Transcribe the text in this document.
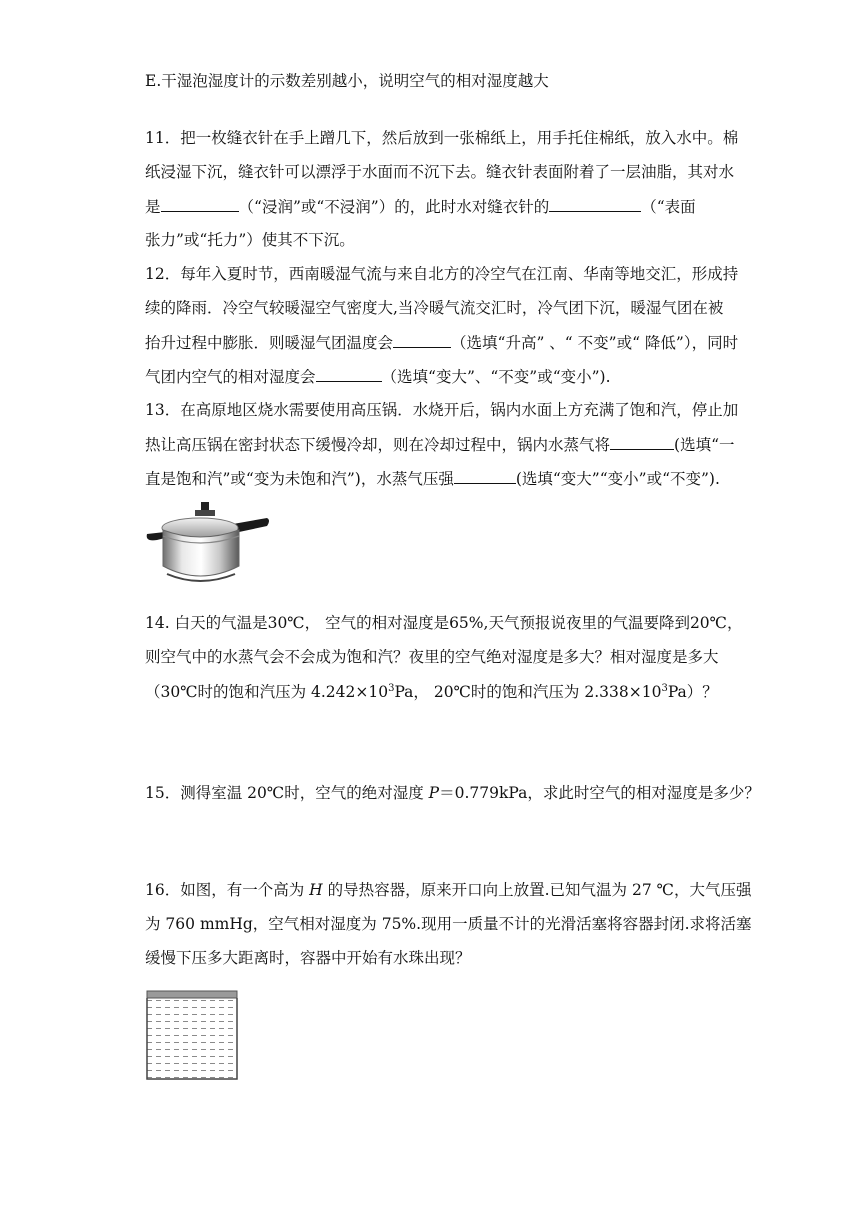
E.干湿泡湿度计的示数差别越小，说明空气的相对湿度越大
11．把一枚缝衣针在手上蹭几下，然后放到一张棉纸上，用手托住棉纸，放入水中。棉
纸浸湿下沉，缝衣针可以漂浮于水面而不沉下去。缝衣针表面附着了一层油脂，其对水
是	（“浸润”或“不浸润”）的，此时水对缝衣针的	（“表面
张力”或“托力”）使其不下沉。
12．每年入夏时节，西南暖湿气流与来自北方的冷空气在江南、华南等地交汇，形成持
续的降雨．冷空气较暖湿空气密度大,当冷暖气流交汇时，冷气团下沉，暖湿气团在被
抬升过程中膨胀．则暖湿气团温度会	（选填“升高” 、“ 不变”或“ 降低”），同时
气团内空气的相对湿度会	（选填“变大”、“不变”或“变小”).
13．在高原地区烧水需要使用高压锅．水烧开后，锅内水面上方充满了饱和汽，停止加
热让高压锅在密封状态下缓慢冷却，则在冷却过程中，锅内水蒸气将	(选填“一
直是饱和汽”或“变为未饱和汽”)，水蒸气压强	(选填“变大”“变小”或“不变”).
14. 白天的气温是30℃， 空气的相对湿度是65%,天气预报说夜里的气温要降到20℃，
则空气中的水蒸气会不会成为饱和汽？夜里的空气绝对湿度是多大？相对湿度是多大
（30℃时的饱和汽压为 $4.242\times 10^3Pa$， 20℃时的饱和汽压为 $2.338\times 10^3Pa$）？
15．测得室温 20℃时，空气的绝对湿度 P＝0.779kPa，求此时空气的相对湿度是多少？
16．如图，有一个高为 H 的导热容器，原来开口向上放置.已知气温为 27 ℃，大气压强
为 760 mmHg，空气相对湿度为 75%.现用一质量不计的光滑活塞将容器封闭.求将活塞
缓慢下压多大距离时，容器中开始有水珠出现？
